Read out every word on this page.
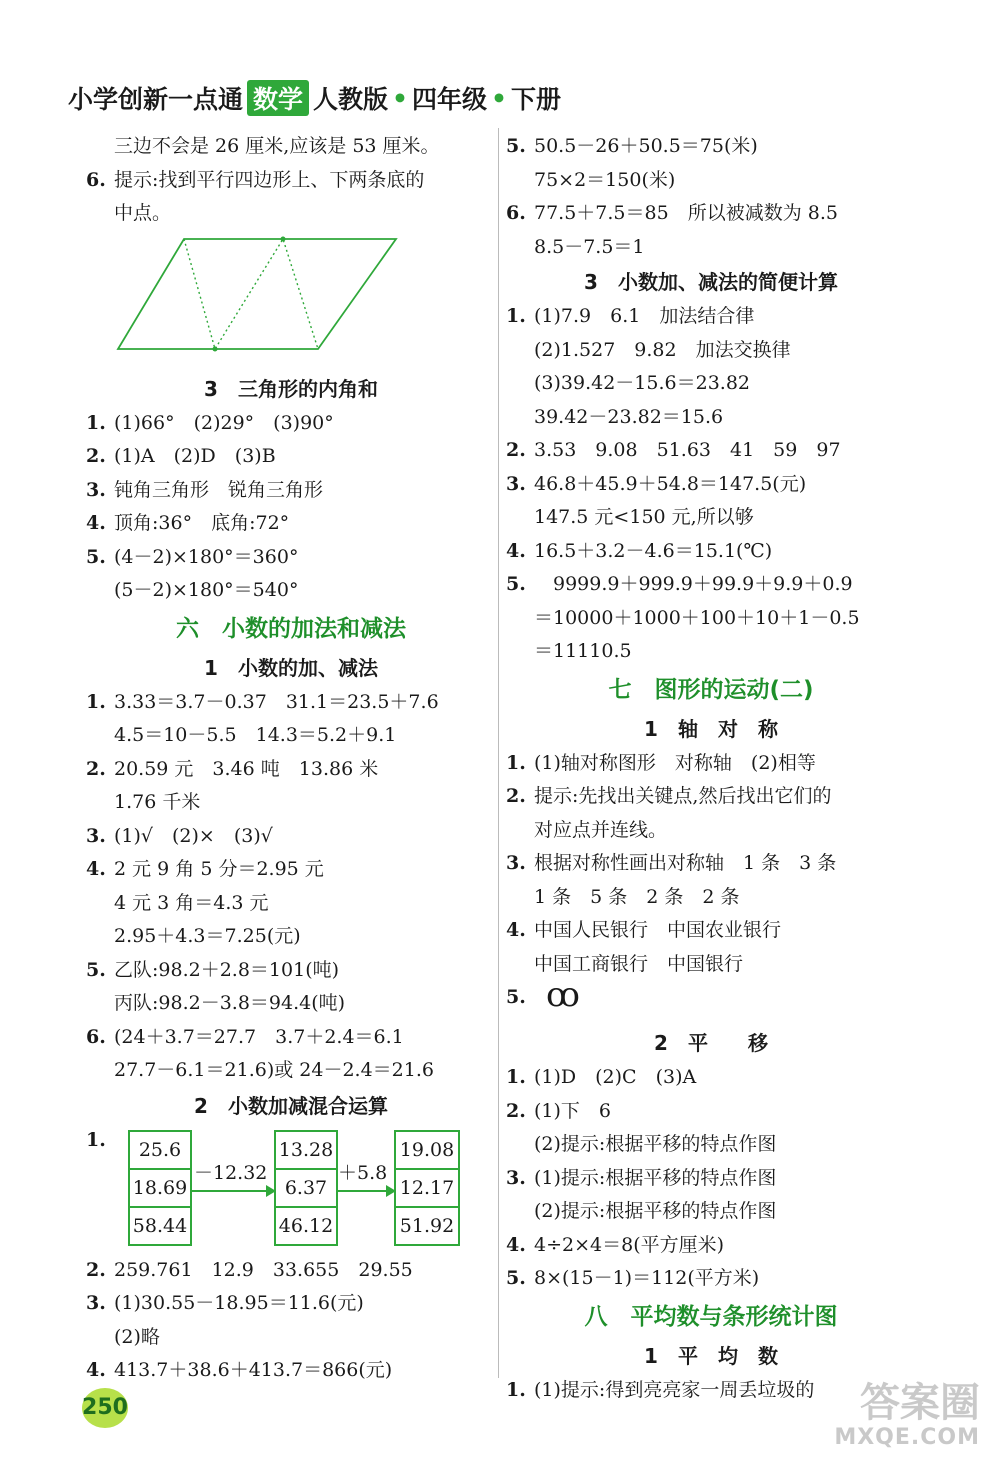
小学创新一点通 数学 人教版 • 四年级 • 下册
三边不会是 26 厘米,应该是 53 厘米。
6. 提示:找到平行四边形上、下两条底的
中点。
3　三角形的内角和
1. (1)66°　(2)29°　(3)90°
2. (1)A　(2)D　(3)B
3. 钝角三角形　锐角三角形
4. 顶角:36°　底角:72°
5. (4－2)×180°＝360°
(5－2)×180°＝540°
六　小数的加法和减法
1　小数的加、减法
1. 3.33＝3.7－0.37　31.1＝23.5＋7.6
4.5＝10－5.5　14.3＝5.2＋9.1
2. 20.59 元　3.46 吨　13.86 米
1.76 千米
3. (1)√　(2)×　(3)√
4. 2 元 9 角 5 分＝2.95 元
4 元 3 角＝4.3 元
2.95＋4.3＝7.25(元)
5. 乙队:98.2＋2.8＝101(吨)
丙队:98.2－3.8＝94.4(吨)
6. (24＋3.7＝27.7　3.7＋2.4＝6.1
27.7－6.1＝21.6)或 24－2.4＝21.6
2　小数加减混合运算
1.	25.6
18.69
58.44
－12.32
13.28
6.37
46.12
＋5.8
19.08
12.17
51.92
2. 259.761　12.9　33.655　29.55
3. (1)30.55－18.95＝11.6(元)
(2)略
4. 413.7＋38.6＋413.7＝866(元)
5. 50.5－26＋50.5＝75(米)
75×2＝150(米)
6. 77.5＋7.5＝85　所以被减数为 8.5
8.5－7.5＝1
3　小数加、减法的简便计算
1. (1)7.9　6.1　加法结合律
(2)1.527　9.82　加法交换律
(3)39.42－15.6＝23.82
39.42－23.82＝15.6
2. 3.53　9.08　51.63　41　59　97
3. 46.8＋45.9＋54.8＝147.5(元)
147.5 元<150 元,所以够
4. 16.5＋3.2－4.6＝15.1(℃)
5. 　9999.9＋999.9＋99.9＋9.9＋0.9
＝10000＋1000＋100＋10＋1－0.5
＝11110.5
七　图形的运动(二)
1　轴　对　称
1. (1)轴对称图形　对称轴　(2)相等
2. 提示:先找出关键点,然后找出它们的
对应点并连线。
3. 根据对称性画出对称轴　1 条　3 条
1 条　5 条　2 条　2 条
4. 中国人民银行　中国农业银行
中国工商银行　中国银行
5. ꝏ
2　平　　移
1. (1)D　(2)C　(3)A
2. (1)下　6
(2)提示:根据平移的特点作图
3. (1)提示:根据平移的特点作图
(2)提示:根据平移的特点作图
4. 4÷2×4＝8(平方厘米)
5. 8×(15－1)＝112(平方米)
八　平均数与条形统计图
1　平　均　数
1. (1)提示:得到亮亮家一周丢垃圾的
250	答案圈
MXQE.COM
